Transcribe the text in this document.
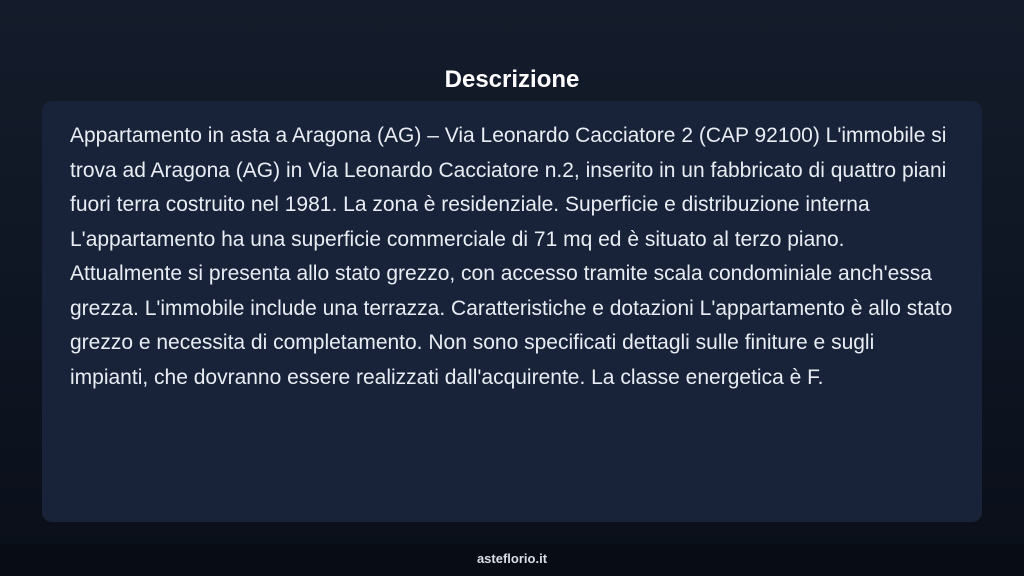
Descrizione

Appartamento in asta a Aragona (AG) – Via Leonardo Cacciatore 2 (CAP 92100) L'immobile si trova ad Aragona (AG) in Via Leonardo Cacciatore n.2, inserito in un fabbricato di quattro piani fuori terra costruito nel 1981. La zona è residenziale. Superficie e distribuzione interna L'appartamento ha una superficie commerciale di 71 mq ed è situato al terzo piano. Attualmente si presenta allo stato grezzo, con accesso tramite scala condominiale anch'essa grezza. L'immobile include una terrazza. Caratteristiche e dotazioni L'appartamento è allo stato grezzo e necessita di completamento. Non sono specificati dettagli sulle finiture e sugli impianti, che dovranno essere realizzati dall'acquirente. La classe energetica è F.

asteflorio.it
